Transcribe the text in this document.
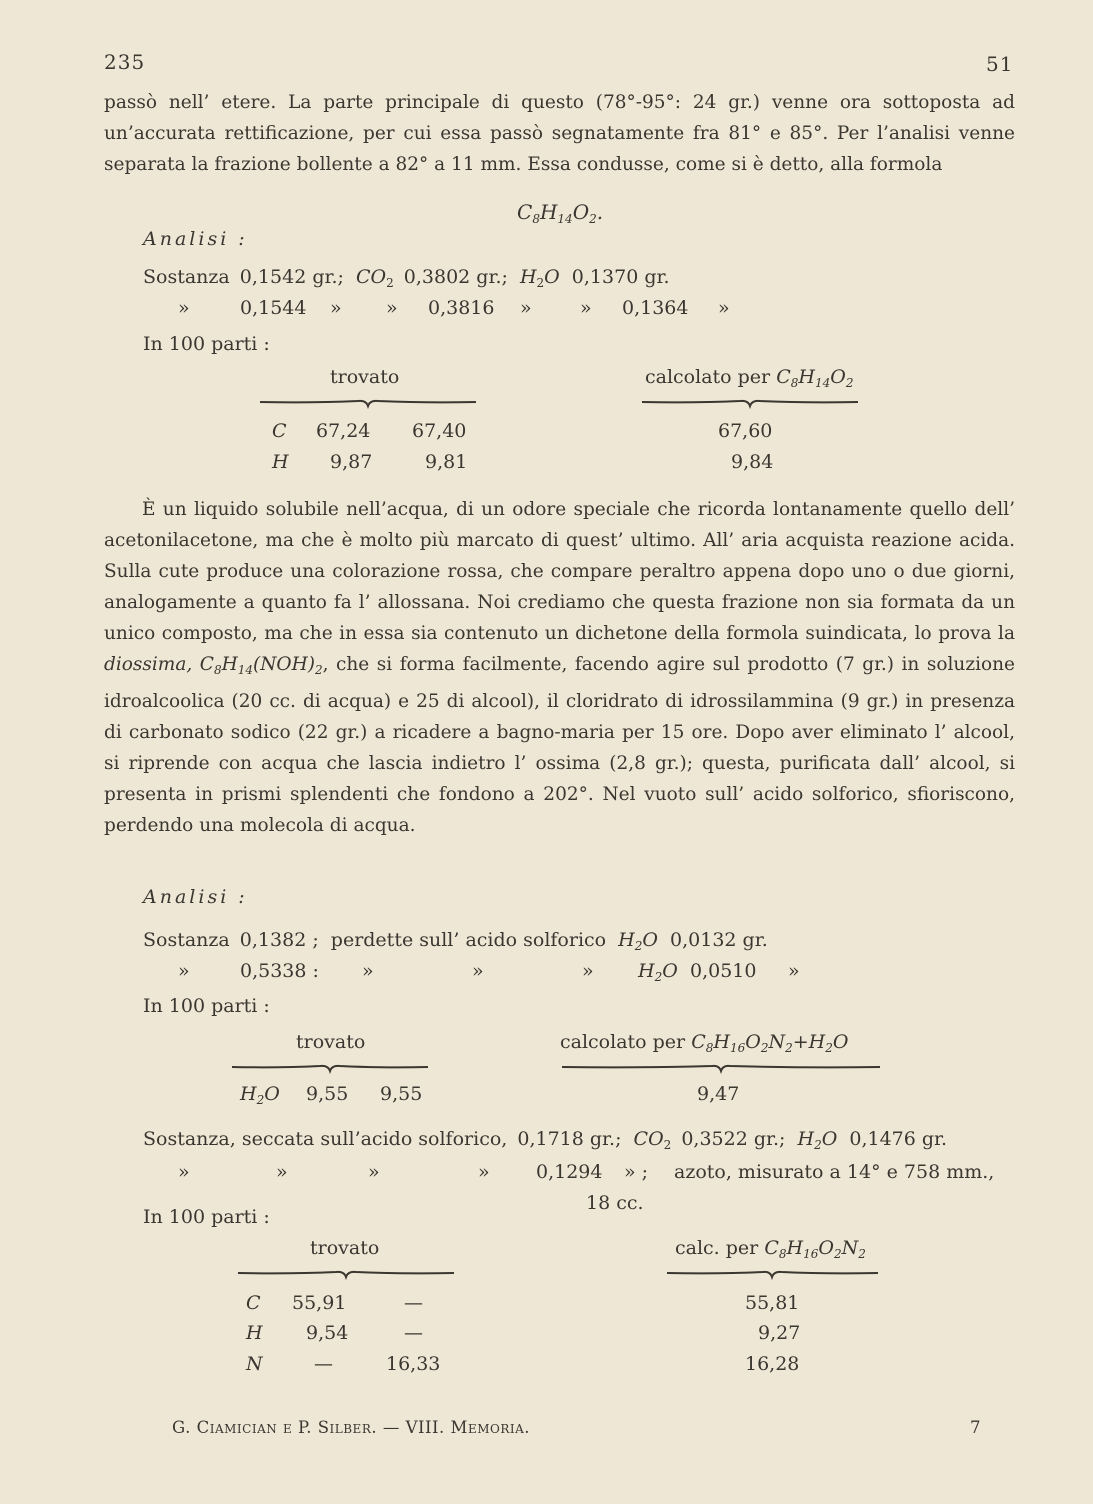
235	51

passò nell’ etere. La parte principale di questo (78°-95°: 24 gr.) venne ora sottoposta ad un’accurata rettificazione, per cui essa passò segnatamente fra 81° e 85°. Per l’analisi venne separata la frazione bollente a 82° a 11 mm. Essa condusse, come si è detto, alla formola

$C_8H_{14}O_2$.
Analisi :
Sostanza 0,1542 gr.; $CO_2$ 0,3802 gr.; $H_2O$ 0,1370 gr.
»	0,1544 » » 0,3816 »	» 0,1364 »
In 100 parti :
trovato	calcolato per $C_8H_{14}O_2$
C 67,24 67,40	67,60
H 9,87	9,81	9,84

È un liquido solubile nell’acqua, di un odore speciale che ricorda lontanamente quello dell’ acetonilacetone, ma che è molto più marcato di quest’ ultimo. All’ aria acquista reazione acida. Sulla cute produce una colorazione rossa, che compare peraltro appena dopo uno o due giorni, analogamente a quanto fa l’ allossana. Noi crediamo che questa frazione non sia formata da un unico composto, ma che in essa sia contenuto un dichetone della formola suindicata, lo prova la diossima, $C_8H_{14}(NOH)_2$, che si forma facilmente, facendo agire sul prodotto (7 gr.) in soluzione idroalcoolica (20 cc. di acqua) e 25 di alcool), il cloridrato di idrossilammina (9 gr.) in presenza di carbonato sodico (22 gr.) a ricadere a bagno-maria per 15 ore. Dopo aver eliminato l’ alcool, si riprende con acqua che lascia indietro l’ ossima (2,8 gr.); questa, purificata dall’ alcool, si presenta in prismi splendenti che fondono a 202°. Nel vuoto sull’ acido solforico, sfioriscono, perdendo una molecola di acqua.

Analisi :
Sostanza 0,1382 ; perdette sull’ acido solforico $H_2O$ 0,0132 gr.
»	0,5338 : »	»	» $H_2O$ 0,0510 »
In 100 parti :
trovato	calcolato per $C_8H_{16}O_2N_2+H_2O$
$H_2O$ 9,55 9,55	9,47
Sostanza, seccata sull’acido solforico, 0,1718 gr.; $CO_2$ 0,3522 gr.; $H_2O$ 0,1476 gr.
»	»	»	» 0,1294 » ; azoto, misurato a 14° e 758 mm.,
18 cc.
In 100 parti :
trovato	calc. per $C_8H_{16}O_2N_2$
C 55,91	—	55,81
H 9,54	—	9,27
N	—	16,33	16,28
G. Ciamician e P. Silber. — VIII. Memoria.	7
